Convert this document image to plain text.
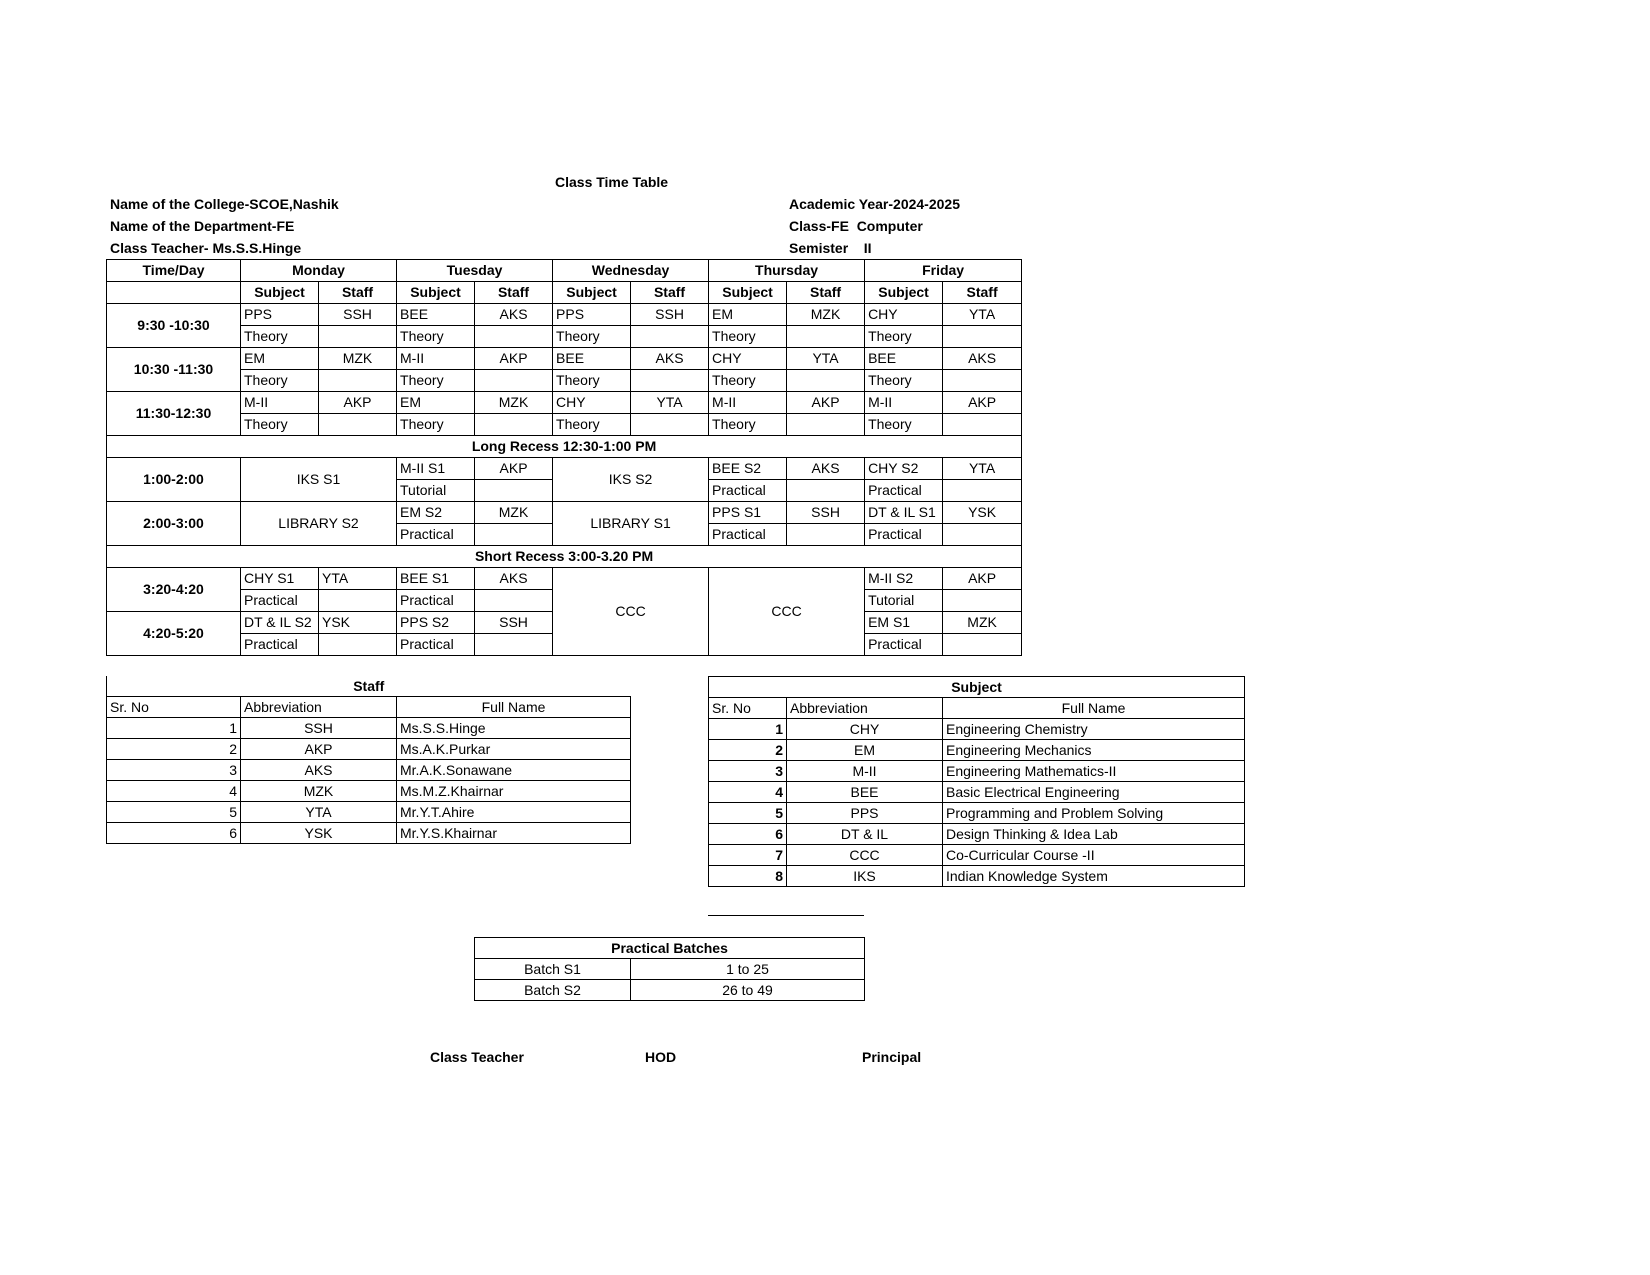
Class Time Table
Name of the College-SCOE,Nashik
Name of the Department-FE
Class Teacher- Ms.S.S.Hinge
Academic Year-2024-2025
Class-FE  Computer
Semister    II
Time/Day	Monday		Tuesday		Wednesday		Thursday		Friday	
	Subject	Staff	Subject	Staff	Subject	Staff	Subject	Staff	Subject	Staff
9:30 -10:30	PPS	SSH	BEE	AKS	PPS	SSH	EM	MZK	CHY	YTA
	Theory		Theory		Theory		Theory		Theory	
10:30 -11:30	EM	MZK	M-II	AKP	BEE	AKS	CHY	YTA	BEE	AKS
	Theory		Theory		Theory		Theory		Theory	
11:30-12:30	M-II	AKP	EM	MZK	CHY	YTA	M-II	AKP	M-II	AKP
	Theory		Theory		Theory		Theory		Theory	
Long Recess 12:30-1:00 PM										
1:00-2:00	IKS S1		M-II S1	AKP	IKS S2		BEE S2	AKS	CHY S2	YTA
			Tutorial				Practical		Practical	
2:00-3:00	LIBRARY S2		EM S2	MZK	LIBRARY S1		PPS S1	SSH	DT & IL S1	YSK
			Practical				Practical		Practical	
Short Recess 3:00-3.20 PM										
3:20-4:20	CHY S1	YTA	BEE S1	AKS	CCC		CCC		M-II S2	AKP
	Practical		Practical						Tutorial	
4:20-5:20	DT & IL S2	YSK	PPS S2	SSH					EM S1	MZK
	Practical		Practical						Practical	
Staff		
Sr. No	Abbreviation	Full Name
1	SSH	Ms.S.S.Hinge
2	AKP	Ms.A.K.Purkar
3	AKS	Mr.A.K.Sonawane
4	MZK	Ms.M.Z.Khairnar
5	YTA	Mr.Y.T.Ahire
6	YSK	Mr.Y.S.Khairnar
Subject		
Sr. No	Abbreviation	Full Name
1	CHY	Engineering Chemistry
2	EM	Engineering Mechanics
3	M-II	Engineering Mathematics-II
4	BEE	Basic Electrical Engineering
5	PPS	Programming and Problem Solving
6	DT & IL	Design Thinking & Idea Lab
7	CCC	Co-Curricular Course -II
8	IKS	Indian Knowledge System
Practical Batches	
Batch S1	1 to 25
Batch S2	26 to 49
Class Teacher	HOD	Principal
